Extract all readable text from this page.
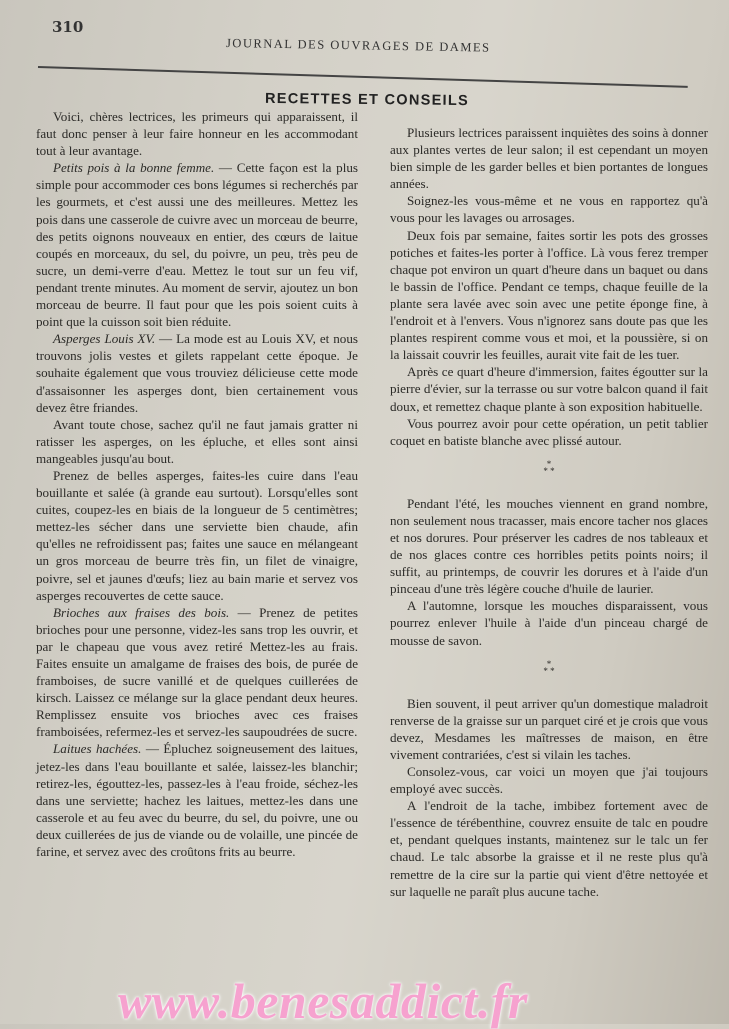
310
JOURNAL DES OUVRAGES DE DAMES
RECETTES ET CONSEILS

Voici, chères lectrices, les primeurs qui apparaissent, il faut donc penser à leur faire honneur en les accommodant tout à leur avantage.

Petits pois à la bonne femme. — Cette façon est la plus simple pour accommoder ces bons légumes si recherchés par les gourmets, et c'est aussi une des meilleures. Mettez les pois dans une casserole de cuivre avec un morceau de beurre, des petits oignons nouveaux en entier, des cœurs de laitue coupés en morceaux, du sel, du poivre, un peu, très peu de sucre, un demi-verre d'eau. Mettez le tout sur un feu vif, pendant trente minutes. Au moment de servir, ajoutez un bon morceau de beurre. Il faut pour que les pois soient cuits à point que la cuisson soit bien réduite.

Asperges Louis XV. — La mode est au Louis XV, et nous trouvons jolis vestes et gilets rappelant cette époque. Je souhaite également que vous trouviez délicieuse cette mode d'assaisonner les asperges dont, bien certainement vous devez être friandes.

Avant toute chose, sachez qu'il ne faut jamais gratter ni ratisser les asperges, on les épluche, et elles sont ainsi mangeables jusqu'au bout.

Prenez de belles asperges, faites-les cuire dans l'eau bouillante et salée (à grande eau surtout). Lorsqu'elles sont cuites, coupez-les en biais de la longueur de 5 centimètres; mettez-les sécher dans une serviette bien chaude, afin qu'elles ne refroidissent pas; faites une sauce en mélangeant un gros morceau de beurre très fin, un filet de vinaigre, poivre, sel et jaunes d'œufs; liez au bain marie et servez vos asperges recouvertes de cette sauce.

Brioches aux fraises des bois. — Prenez de petites brioches pour une personne, videz-les sans trop les ouvrir, et par le chapeau que vous avez retiré Mettez-les au frais. Faites ensuite un amalgame de fraises des bois, de purée de framboises, de sucre vanillé et de quelques cuillerées de kirsch. Laissez ce mélange sur la glace pendant deux heures. Remplissez ensuite vos brioches avec ces fraises framboisées, refermez-les et servez-les saupoudrées de sucre.

Laitues hachées. — Épluchez soigneusement des laitues, jetez-les dans l'eau bouillante et salée, laissez-les blanchir; retirez-les, égouttez-les, passez-les à l'eau froide, séchez-les dans une serviette; hachez les laitues, mettez-les dans une casserole et au feu avec du beurre, du sel, du poivre, une ou deux cuillerées de jus de viande ou de volaille, une pincée de farine, et servez avec des croûtons frits au beurre.

Plusieurs lectrices paraissent inquiètes des soins à donner aux plantes vertes de leur salon; il est cependant un moyen bien simple de les garder belles et bien portantes de longues années.

Soignez-les vous-même et ne vous en rapportez qu'à vous pour les lavages ou arrosages.

Deux fois par semaine, faites sortir les pots des grosses potiches et faites-les porter à l'office. Là vous ferez tremper chaque pot environ un quart d'heure dans un baquet ou dans le bassin de l'office. Pendant ce temps, chaque feuille de la plante sera lavée avec soin avec une petite éponge fine, à l'endroit et à l'envers. Vous n'ignorez sans doute pas que les plantes respirent comme vous et moi, et la poussière, si on la laissait couvrir les feuilles, aurait vite fait de les tuer.

Après ce quart d'heure d'immersion, faites égoutter sur la pierre d'évier, sur la terrasse ou sur votre balcon quand il fait doux, et remettez chaque plante à son exposition habituelle.

Vous pourrez avoir pour cette opération, un petit tablier coquet en batiste blanche avec plissé autour.

*
* *

Pendant l'été, les mouches viennent en grand nombre, non seulement nous tracasser, mais encore tacher nos glaces et nos dorures. Pour préserver les cadres de nos tableaux et de nos glaces contre ces horribles petits points noirs; il suffit, au printemps, de couvrir les dorures et à l'aide d'un pinceau d'une très légère couche d'huile de laurier.

A l'automne, lorsque les mouches disparaissent, vous pourrez enlever l'huile à l'aide d'un pinceau chargé de mousse de savon.

*
* *

Bien souvent, il peut arriver qu'un domestique maladroit renverse de la graisse sur un parquet ciré et je crois que vous devez, Mesdames les maîtresses de maison, en être vivement contrariées, c'est si vilain les taches.

Consolez-vous, car voici un moyen que j'ai toujours employé avec succès.

A l'endroit de la tache, imbibez fortement avec de l'essence de térébenthine, couvrez ensuite de talc en poudre et, pendant quelques instants, maintenez sur le talc un fer chaud. Le talc absorbe la graisse et il ne reste plus qu'à remettre de la cire sur la partie qui vient d'être nettoyée et sur laquelle ne paraît plus aucune tache.

www.benesaddict.fr
